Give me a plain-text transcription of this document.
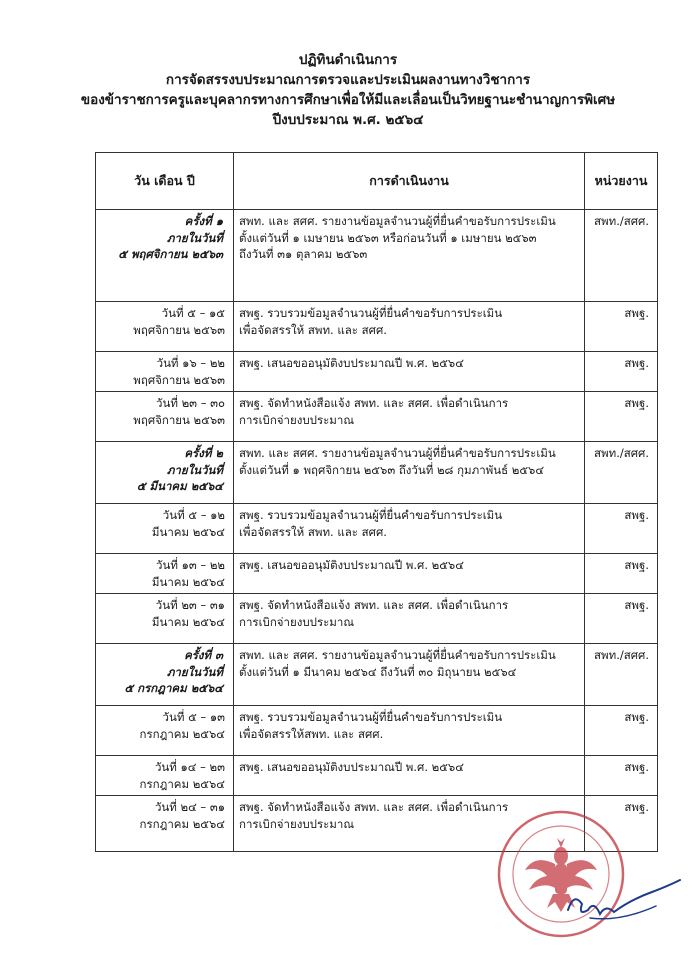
ปฏิทินดำเนินการ
การจัดสรรงบประมาณการตรวจและประเมินผลงานทางวิชาการ
ของข้าราชการครูและบุคลากรทางการศึกษาเพื่อให้มีและเลื่อนเป็นวิทยฐานะชำนาญการพิเศษ
ปีงบประมาณ พ.ศ. ๒๕๖๔
วัน เดือน ปี	การดำเนินงาน	หน่วยงาน

ครั้งที่ ๑
ภายในวันที่
๕ พฤศจิกายน ๒๕๖๓	สพท. และ สศศ. รายงานข้อมูลจำนวนผู้ที่ยื่นคำขอรับการประเมิน
ตั้งแต่วันที่ ๑ เมษายน ๒๕๖๓ หรือก่อนวันที่ ๑ เมษายน ๒๕๖๓
ถึงวันที่ ๓๑ ตุลาคม ๒๕๖๓	สพท./สศศ.

วันที่ ๕ – ๑๕
พฤศจิกายน ๒๕๖๓	สพฐ. รวบรวมข้อมูลจำนวนผู้ที่ยื่นคำขอรับการประเมิน
เพื่อจัดสรรให้ สพท. และ สศศ.	สพฐ.

วันที่ ๑๖ – ๒๒
พฤศจิกายน ๒๕๖๓	สพฐ. เสนอขออนุมัติงบประมาณปี พ.ศ. ๒๕๖๔	สพฐ.

วันที่ ๒๓ – ๓๐
พฤศจิกายน ๒๕๖๓	สพฐ. จัดทำหนังสือแจ้ง สพท. และ สศศ. เพื่อดำเนินการ
การเบิกจ่ายงบประมาณ	สพฐ.

ครั้งที่ ๒
ภายในวันที่
๕ มีนาคม ๒๕๖๔	สพท. และ สศศ. รายงานข้อมูลจำนวนผู้ที่ยื่นคำขอรับการประเมิน
ตั้งแต่วันที่ ๑ พฤศจิกายน ๒๕๖๓ ถึงวันที่ ๒๘ กุมภาพันธ์ ๒๕๖๔	สพท./สศศ.

วันที่ ๕ – ๑๒
มีนาคม ๒๕๖๔	สพฐ. รวบรวมข้อมูลจำนวนผู้ที่ยื่นคำขอรับการประเมิน
เพื่อจัดสรรให้ สพท. และ สศศ.	สพฐ.

วันที่ ๑๓ – ๒๒
มีนาคม ๒๕๖๔	สพฐ. เสนอขออนุมัติงบประมาณปี พ.ศ. ๒๕๖๔	สพฐ.

วันที่ ๒๓ – ๓๑
มีนาคม ๒๕๖๔	สพฐ. จัดทำหนังสือแจ้ง สพท. และ สศศ. เพื่อดำเนินการ
การเบิกจ่ายงบประมาณ	สพฐ.

ครั้งที่ ๓
ภายในวันที่
๕ กรกฎาคม ๒๕๖๔	สพท. และ สศศ. รายงานข้อมูลจำนวนผู้ที่ยื่นคำขอรับการประเมิน
ตั้งแต่วันที่ ๑ มีนาคม ๒๕๖๔ ถึงวันที่ ๓๐ มิถุนายน ๒๕๖๔	สพท./สศศ.

วันที่ ๕ – ๑๓
กรกฎาคม ๒๕๖๔	สพฐ. รวบรวมข้อมูลจำนวนผู้ที่ยื่นคำขอรับการประเมิน
เพื่อจัดสรรให้สพท. และ สศศ.	สพฐ.

วันที่ ๑๔ – ๒๓
กรกฎาคม ๒๕๖๔	สพฐ. เสนอขออนุมัติงบประมาณปี พ.ศ. ๒๕๖๔	สพฐ.

วันที่ ๒๔ – ๓๑
กรกฎาคม ๒๕๖๔	สพฐ. จัดทำหนังสือแจ้ง สพท. และ สศศ. เพื่อดำเนินการ
การเบิกจ่ายงบประมาณ	สพฐ.
